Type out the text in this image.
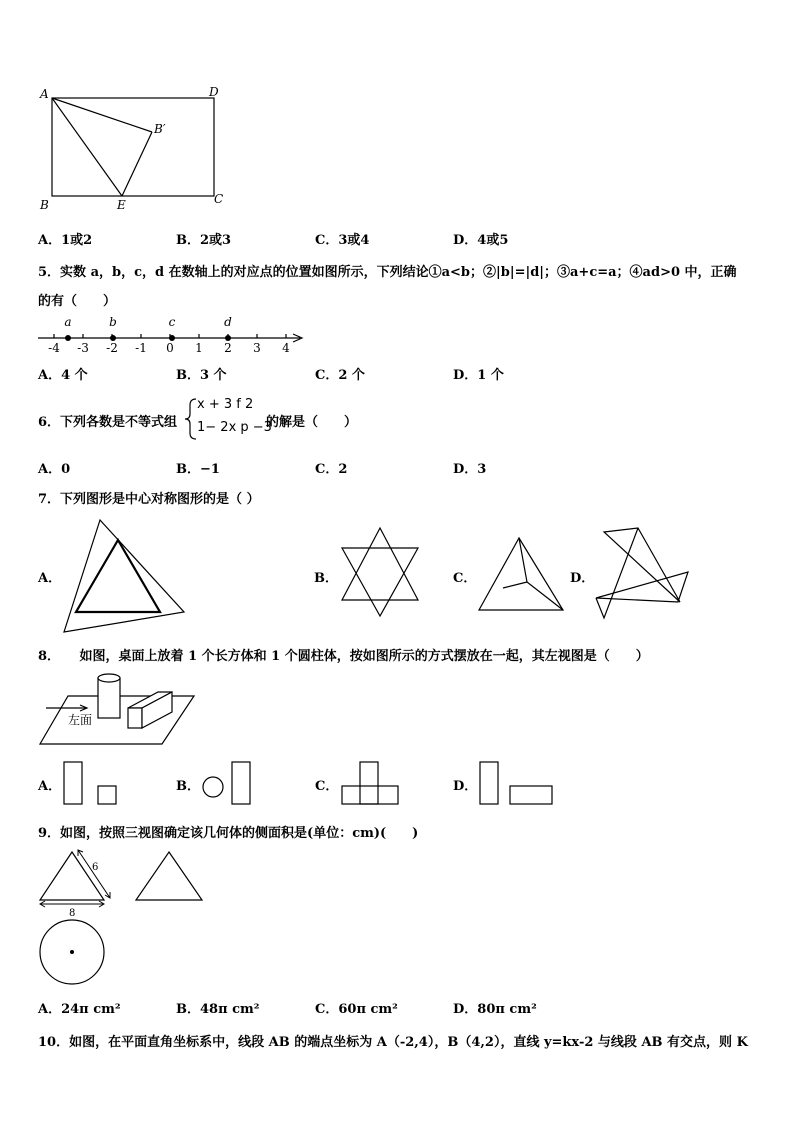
A	D
B′
B	E	C
A．1或2	B．2或3	C．3或4	D．4或5
5．实数 a，b，c，d 在数轴上的对应点的位置如图所示，下列结论①a<b；②|b|=|d|；③a+c=a；④ad>0 中，正确
的有（　　）
a	b	c	d
-4 -3 -2 -1 0 1 2 3 4
A．4 个	B．3 个	C．2 个	D．1 个
6．下列各数是不等式组
x + 3 f 2
1− 2x p −3
的解是（　　）
A．0	B．−1	C．2	D．3
7．下列图形是中心对称图形的是（ ）
A．	B．	C．	D．
8．　　如图，桌面上放着 1 个长方体和 1 个圆柱体，按如图所示的方式摆放在一起，其左视图是（　　）
左面
A．	B．	C．	D．
9．如图，按照三视图确定该几何体的侧面积是(单位：cm)(　　)
6
8
A．24π cm²	B．48π cm²	C．60π cm²	D．80π cm²
10．如图，在平面直角坐标系中，线段 AB 的端点坐标为 A（-2,4），B（4,2），直线 y=kx-2 与线段 AB 有交点，则 K
